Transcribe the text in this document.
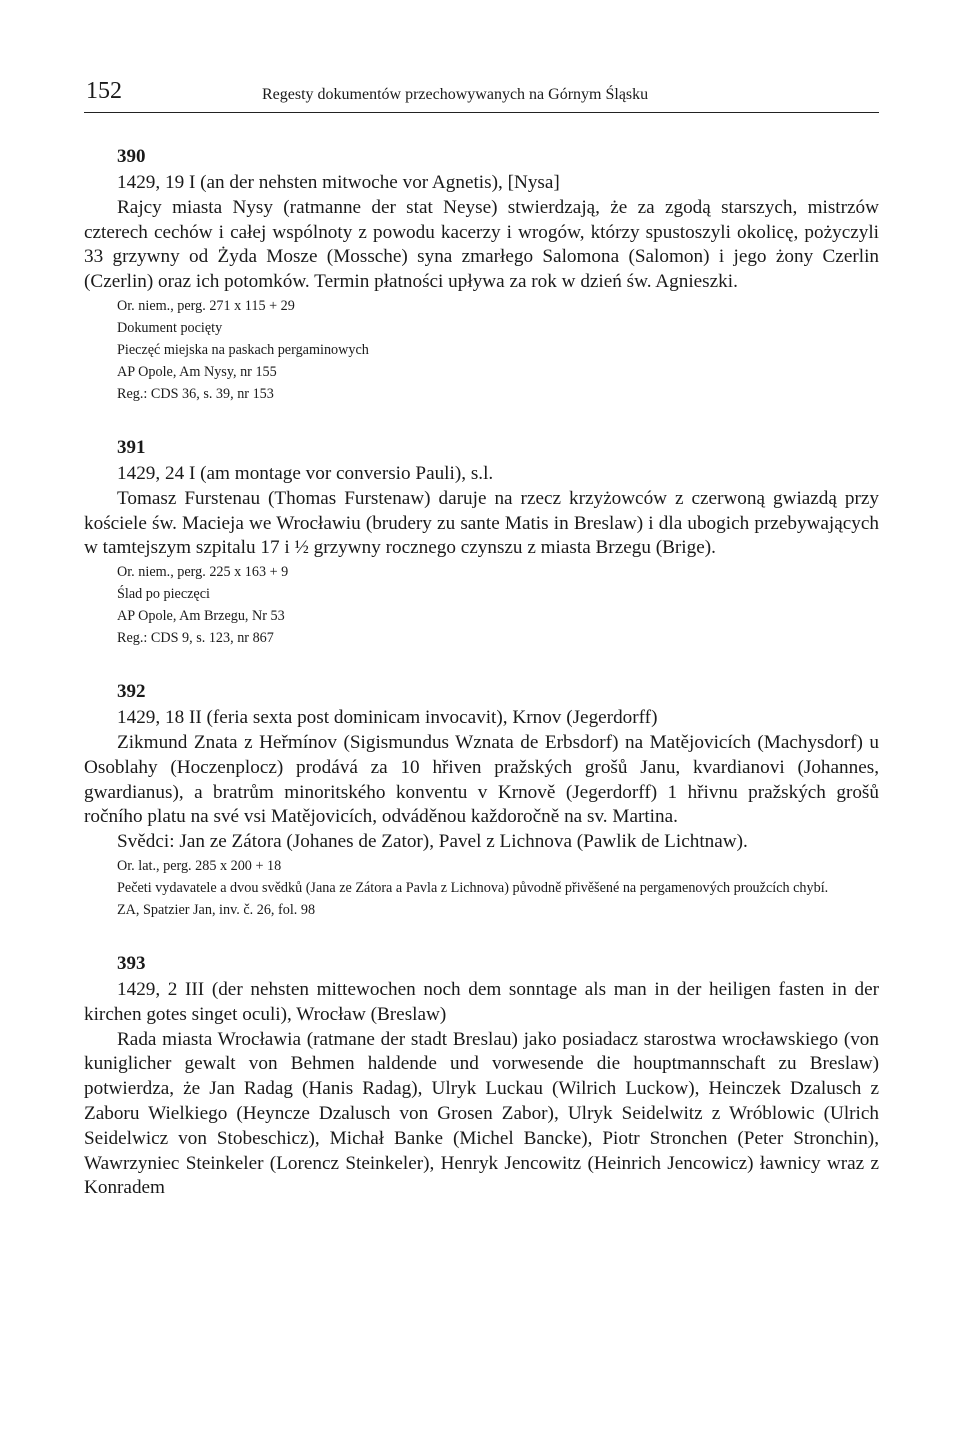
152	Regesty dokumentów przechowywanych na Górnym Śląsku
390
1429, 19 I (an der nehsten mitwoche vor Agnetis), [Nysa]
Rajcy miasta Nysy (ratmanne der stat Neyse) stwierdzają, że za zgodą starszych, mistrzów czterech cechów i całej wspólnoty z powodu kacerzy i wrogów, którzy spustoszyli okolicę, pożyczyli 33 grzywny od Żyda Mosze (Mossche) syna zmarłego Salomona (Salomon) i jego żony Czerlin (Czerlin) oraz ich potomków. Termin płatności upływa za rok w dzień św. Agnieszki.
Or. niem., perg. 271 x 115 + 29
Dokument pocięty
Pieczęć miejska na paskach pergaminowych
AP Opole, Am Nysy, nr 155
Reg.: CDS 36, s. 39, nr 153
391
1429, 24 I (am montage vor conversio Pauli), s.l.
Tomasz Furstenau (Thomas Furstenaw) daruje na rzecz krzyżowców z czerwoną gwiazdą przy kościele św. Macieja we Wrocławiu (brudery zu sante Matis in Breslaw) i dla ubogich przebywających w tamtejszym szpitalu 17 i ½ grzywny rocznego czynszu z miasta Brzegu (Brige).
Or. niem., perg. 225 x 163 + 9
Ślad po pieczęci
AP Opole, Am Brzegu, Nr 53
Reg.: CDS 9, s. 123, nr 867
392
1429, 18 II (feria sexta post dominicam invocavit), Krnov (Jegerdorff)
Zikmund Znata z Heřmínov (Sigismundus Wznata de Erbsdorf) na Matějovicích (Machysdorf) u Osoblahy (Hoczenplocz) prodává za 10 hřiven pražských grošů Janu, kvardianovi (Johannes, gwardianus), a bratrům minoritského konventu v Krnově (Jegerdorff) 1 hřivnu pražských grošů ročního platu na své vsi Matějovicích, odváděnou každoročně na sv. Martina.
Svědci: Jan ze Zátora (Johanes de Zator), Pavel z Lichnova (Pawlik de Lichtnaw).
Or. lat., perg. 285 x 200 + 18
Pečeti vydavatele a dvou svědků (Jana ze Zátora a Pavla z Lichnova) původně přivěšené na pergamenových proužcích chybí.
ZA, Spatzier Jan, inv. č. 26, fol. 98
393
1429, 2 III (der nehsten mittewochen noch dem sonntage als man in der heiligen fasten in der kirchen gotes singet oculi), Wrocław (Breslaw)
Rada miasta Wrocławia (ratmane der stadt Breslau) jako posiadacz starostwa wrocławskiego (von kuniglicher gewalt von Behmen haldende und vorwesende die houptmannschaft zu Breslaw) potwierdza, że Jan Radag (Hanis Radag), Ulryk Luckau (Wilrich Luckow), Heinczek Dzalusch z Zaboru Wielkiego (Heyncze Dzalusch von Grosen Zabor), Ulryk Seidelwitz z Wróblowic (Ulrich Seidelwicz von Stobeschicz), Michał Banke (Michel Bancke), Piotr Stronchen (Peter Stronchin), Wawrzyniec Steinkeler (Lorencz Steinkeler), Henryk Jencowitz (Heinrich Jencowicz) ławnicy wraz z Konradem
